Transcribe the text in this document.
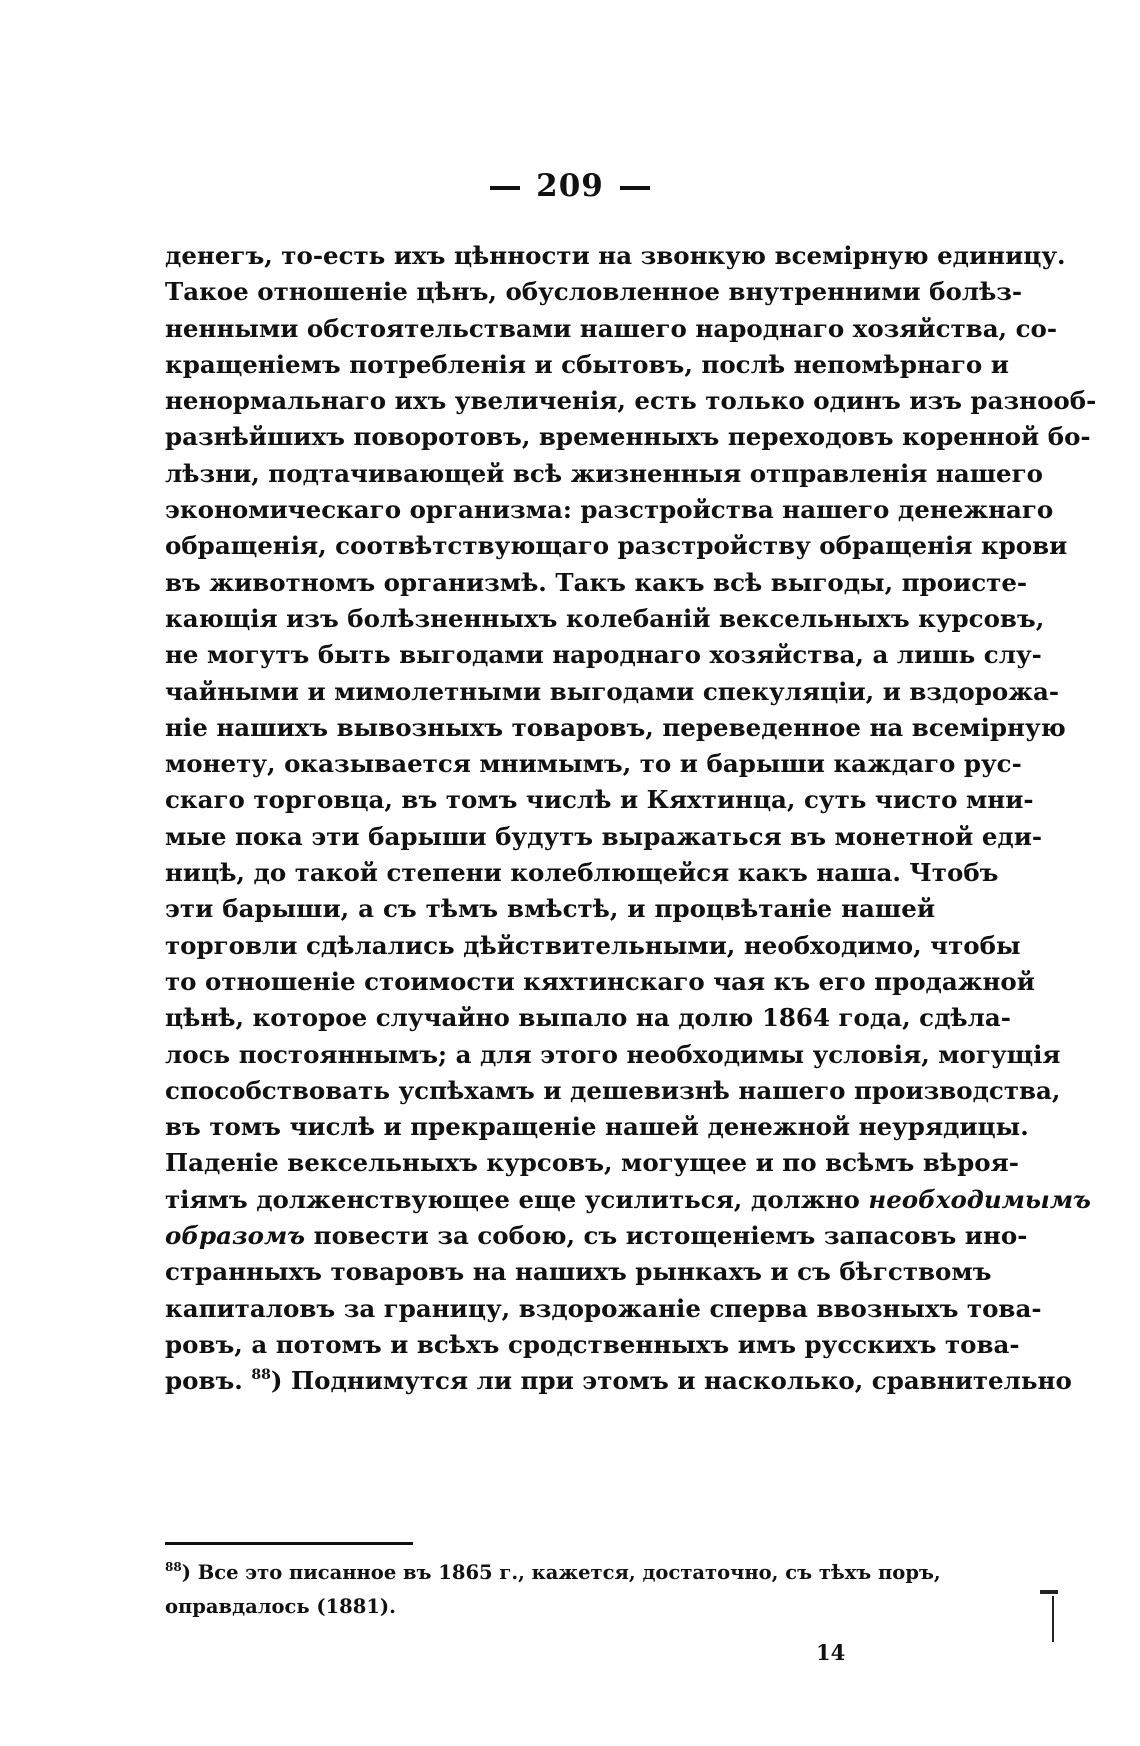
209
денегъ, то-есть ихъ цѣнности на звонкую всемірную единицу.
Такое отношеніе цѣнъ, обусловленное внутренними болѣз-
ненными обстоятельствами нашего народнаго хозяйства, со-
кращеніемъ потребленія и сбытовъ, послѣ непомѣрнаго и
ненормальнаго ихъ увеличенія, есть только одинъ изъ разнооб-
разнѣйшихъ поворотовъ, временныхъ переходовъ коренной бо-
лѣзни, подтачивающей всѣ жизненныя отправленія нашего
экономическаго организма: разстройства нашего денежнаго
обращенія, соотвѣтствующаго разстройству обращенія крови
въ животномъ организмѣ. Такъ какъ всѣ выгоды, происте-
кающія изъ болѣзненныхъ колебаній вексельныхъ курсовъ,
не могутъ быть выгодами народнаго хозяйства, а лишь слу-
чайными и мимолетными выгодами спекуляціи, и вздорожа-
ніе нашихъ вывозныхъ товаровъ, переведенное на всемірную
монету, оказывается мнимымъ, то и барыши каждаго рус-
скаго торговца, въ томъ числѣ и Кяхтинца, суть чисто мни-
мые пока эти барыши будутъ выражаться въ монетной еди-
ницѣ, до такой степени колеблющейся какъ наша. Чтобъ
эти барыши, а съ тѣмъ вмѣстѣ, и процвѣтаніе нашей
торговли сдѣлались дѣйствительными, необходимо, чтобы
то отношеніе стоимости кяхтинскаго чая къ его продажной
цѣнѣ, которое случайно выпало на долю 1864 года, сдѣла-
лось постояннымъ; а для этого необходимы условія, могущія
способствовать успѣхамъ и дешевизнѣ нашего производства,
въ томъ числѣ и прекращеніе нашей денежной неурядицы.
Паденіе вексельныхъ курсовъ, могущее и по всѣмъ вѣроя-
тіямъ долженствующее еще усилиться, должно необходимымъ
образомъ повести за собою, съ истощеніемъ запасовъ ино-
странныхъ товаровъ на нашихъ рынкахъ и съ бѣгствомъ
капиталовъ за границу, вздорожаніе сперва ввозныхъ това-
ровъ, а потомъ и всѣхъ сродственныхъ имъ русскихъ това-
ровъ. $^{88}$) Поднимутся ли при этомъ и насколько, сравнительно
$^{88}$) Все это писанное въ 1865 г., кажется, достаточно, съ тѣхъ поръ,
оправдалось (1881).
14
